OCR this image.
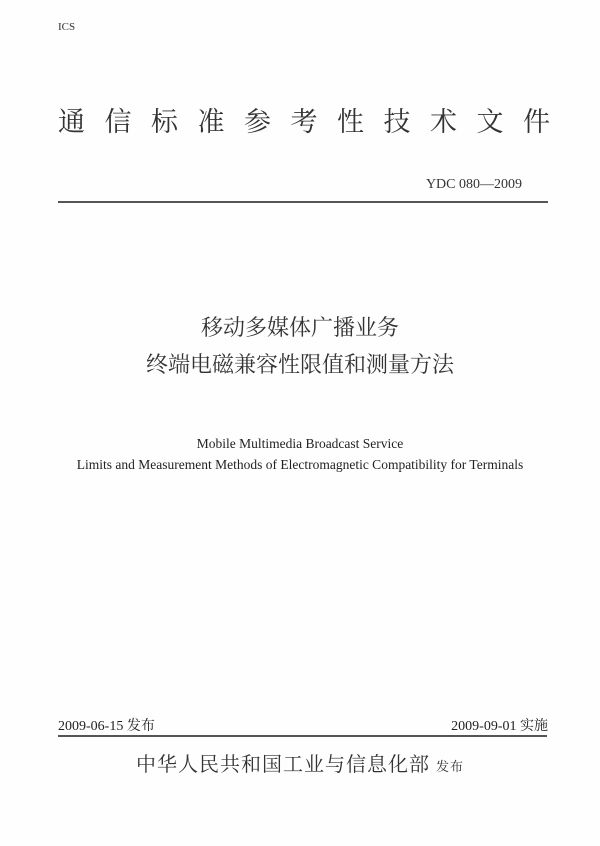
ICS
通 信 标 准 参 考 性 技 术 文 件
YDC 080—2009
移动多媒体广播业务
终端电磁兼容性限值和测量方法
Mobile Multimedia Broadcast Service
Limits and Measurement Methods of Electromagnetic Compatibility for Terminals
2009-06-15 发布	2009-09-01 实施
中华人民共和国工业与信息化部 发布
